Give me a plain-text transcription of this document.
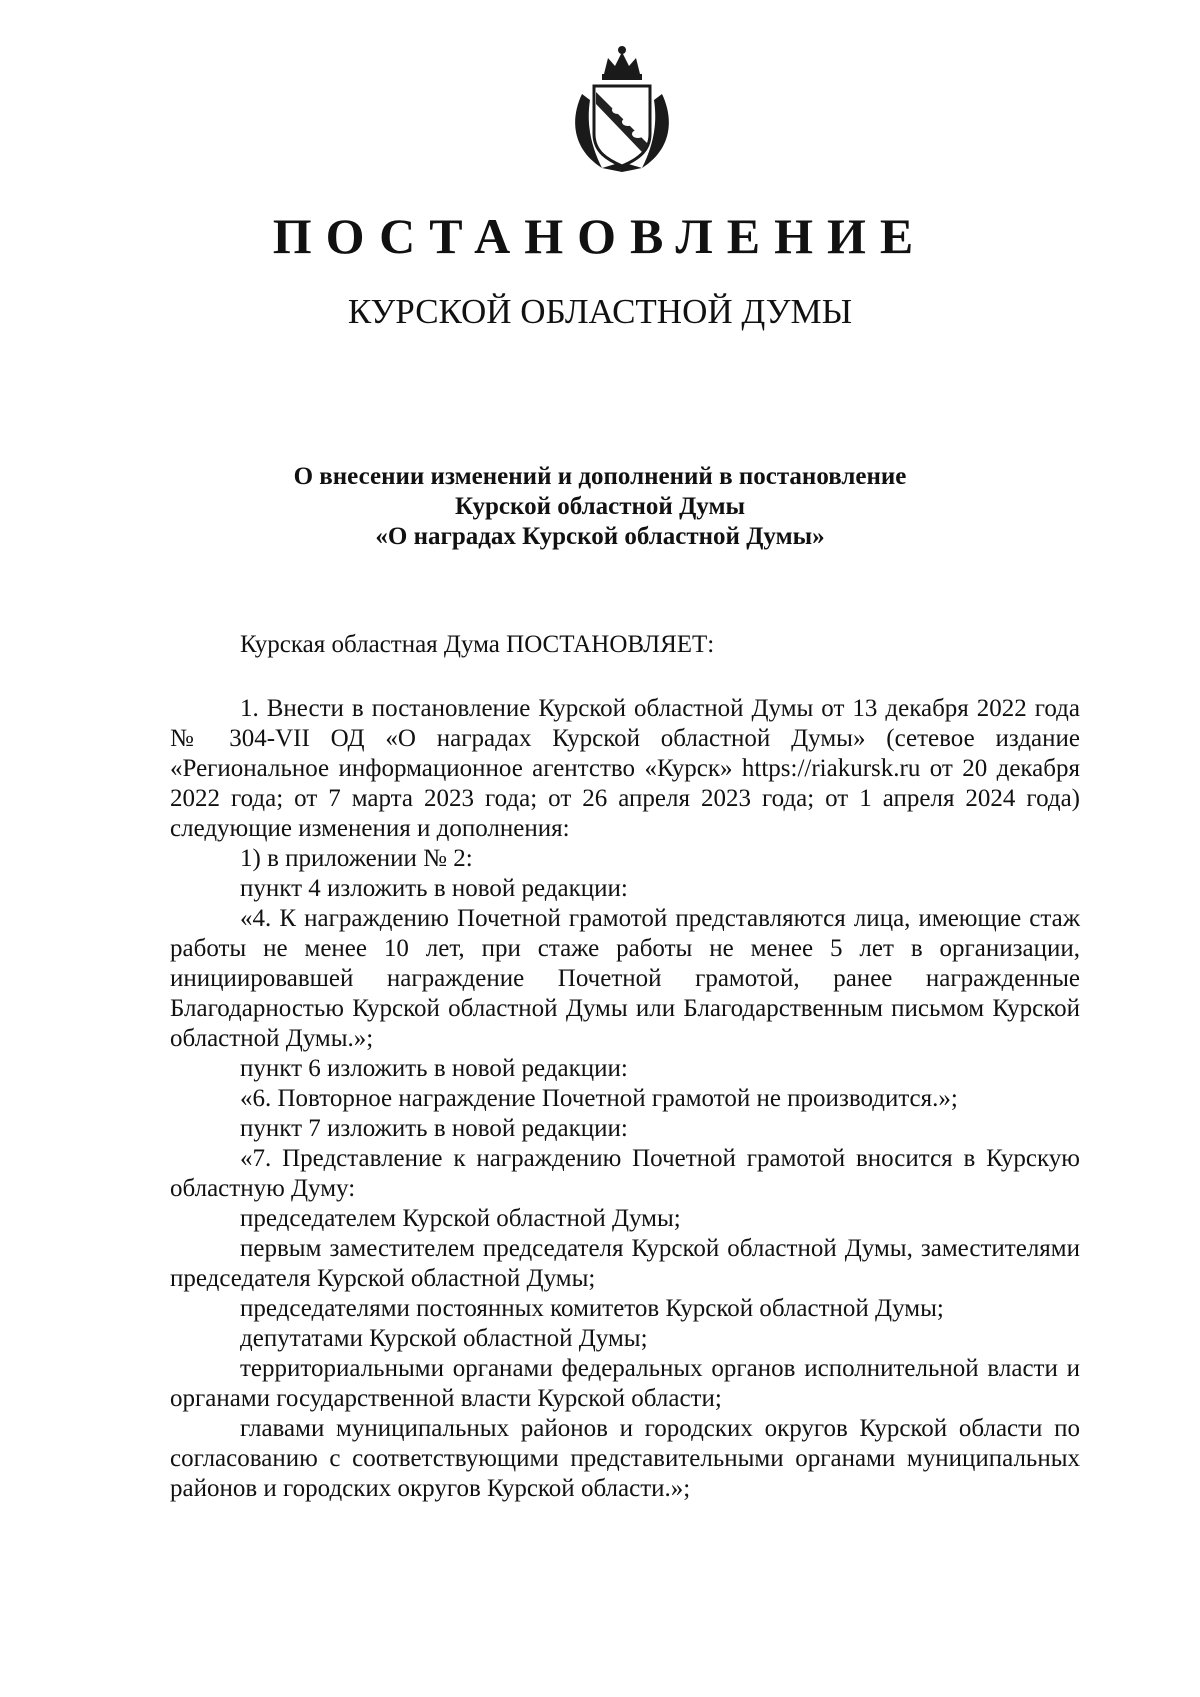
ПОСТАНОВЛЕНИЕ
КУРСКОЙ ОБЛАСТНОЙ ДУМЫ
О внесении изменений и дополнений в постановление
Курской областной Думы
«О наградах Курской областной Думы»

Курская областная Дума ПОСТАНОВЛЯЕТ:

1. Внести в постановление Курской областной Думы от 13 декабря 2022 года № 304-VII ОД «О наградах Курской областной Думы» (сетевое издание «Региональное информационное агентство «Курск» https://riakursk.ru от 20 декабря 2022 года; от 7 марта 2023 года; от 26 апреля 2023 года; от 1 апреля 2024 года) следующие изменения и дополнения:

1) в приложении № 2:

пункт 4 изложить в новой редакции:

«4. К награждению Почетной грамотой представляются лица, имеющие стаж работы не менее 10 лет, при стаже работы не менее 5 лет в организации, инициировавшей награждение Почетной грамотой, ранее награжденные Благодарностью Курской областной Думы или Благодарственным письмом Курской областной Думы.»;

пункт 6 изложить в новой редакции:

«6. Повторное награждение Почетной грамотой не производится.»;

пункт 7 изложить в новой редакции:

«7. Представление к награждению Почетной грамотой вносится в Курскую областную Думу:

председателем Курской областной Думы;

первым заместителем председателя Курской областной Думы, заместителями председателя Курской областной Думы;

председателями постоянных комитетов Курской областной Думы;

депутатами Курской областной Думы;

территориальными органами федеральных органов исполнительной власти и органами государственной власти Курской области;

главами муниципальных районов и городских округов Курской области по согласованию с соответствующими представительными органами муниципальных районов и городских округов Курской области.»;
